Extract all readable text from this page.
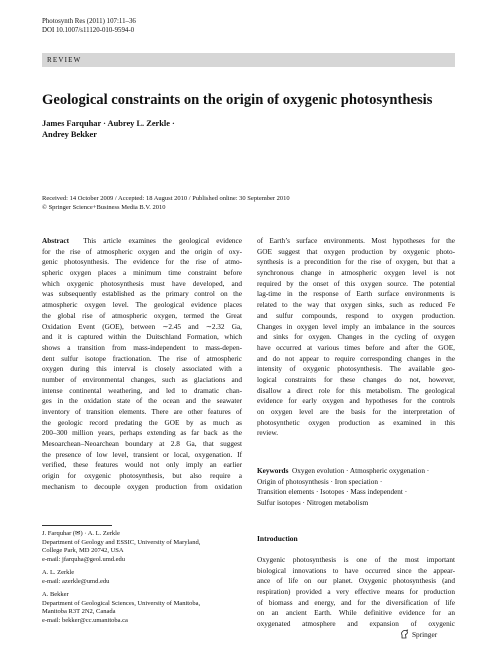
Photosynth Res (2011) 107:11–36
DOI 10.1007/s11120-010-9594-0
REVIEW
Geological constraints on the origin of oxygenic photosynthesis
James Farquhar · Aubrey L. Zerkle ·
Andrey Bekker
Received: 14 October 2009 / Accepted: 18 August 2010 / Published online: 30 September 2010
© Springer Science+Business Media B.V. 2010
Abstract This article examines the geological evidence
for the rise of atmospheric oxygen and the origin of oxy-
genic photosynthesis. The evidence for the rise of atmo-
spheric oxygen places a minimum time constraint before
which oxygenic photosynthesis must have developed, and
was subsequently established as the primary control on the
atmospheric oxygen level. The geological evidence places
the global rise of atmospheric oxygen, termed the Great
Oxidation Event (GOE), between ∼2.45 and ∼2.32 Ga,
and it is captured within the Duitschland Formation, which
shows a transition from mass-independent to mass-depen-
dent sulfur isotope fractionation. The rise of atmospheric
oxygen during this interval is closely associated with a
number of environmental changes, such as glaciations and
intense continental weathering, and led to dramatic chan-
ges in the oxidation state of the ocean and the seawater
inventory of transition elements. There are other features of
the geologic record predating the GOE by as much as
200–300 million years, perhaps extending as far back as the
Mesoarchean–Neoarchean boundary at 2.8 Ga, that suggest
the presence of low level, transient or local, oxygenation. If
verified, these features would not only imply an earlier
origin for oxygenic photosynthesis, but also require a
mechanism to decouple oxygen production from oxidation
of Earth’s surface environments. Most hypotheses for the
GOE suggest that oxygen production by oxygenic photo-
synthesis is a precondition for the rise of oxygen, but that a
synchronous change in atmospheric oxygen level is not
required by the onset of this oxygen source. The potential
lag-time in the response of Earth surface environments is
related to the way that oxygen sinks, such as reduced Fe
and sulfur compounds, respond to oxygen production.
Changes in oxygen level imply an imbalance in the sources
and sinks for oxygen. Changes in the cycling of oxygen
have occurred at various times before and after the GOE,
and do not appear to require corresponding changes in the
intensity of oxygenic photosynthesis. The available geo-
logical constraints for these changes do not, however,
disallow a direct role for this metabolism. The geological
evidence for early oxygen and hypotheses for the controls
on oxygen level are the basis for the interpretation of
photosynthetic oxygen production as examined in this
review.
Keywords Oxygen evolution · Atmospheric oxygenation ·
Origin of photosynthesis · Iron speciation ·
Transition elements · Isotopes · Mass independent ·
Sulfur isotopes · Nitrogen metabolism
J. Farquhar (✉) · A. L. Zerkle
Department of Geology and ESSIC, University of Maryland,
College Park, MD 20742, USA
e-mail: jfarquha@geol.umd.edu
A. L. Zerkle
e-mail: azerkle@umd.edu
A. Bekker
Department of Geological Sciences, University of Manitoba,
Manitoba R3T 2N2, Canada
e-mail: bekker@cc.umanitoba.ca
Introduction
Oxygenic photosynthesis is one of the most important
biological innovations to have occurred since the appear-
ance of life on our planet. Oxygenic photosynthesis (and
respiration) provided a very effective means for production
of biomass and energy, and for the diversification of life
on an ancient Earth. While definitive evidence for an
oxygenated atmosphere and expansion of oxygenic
Springer
